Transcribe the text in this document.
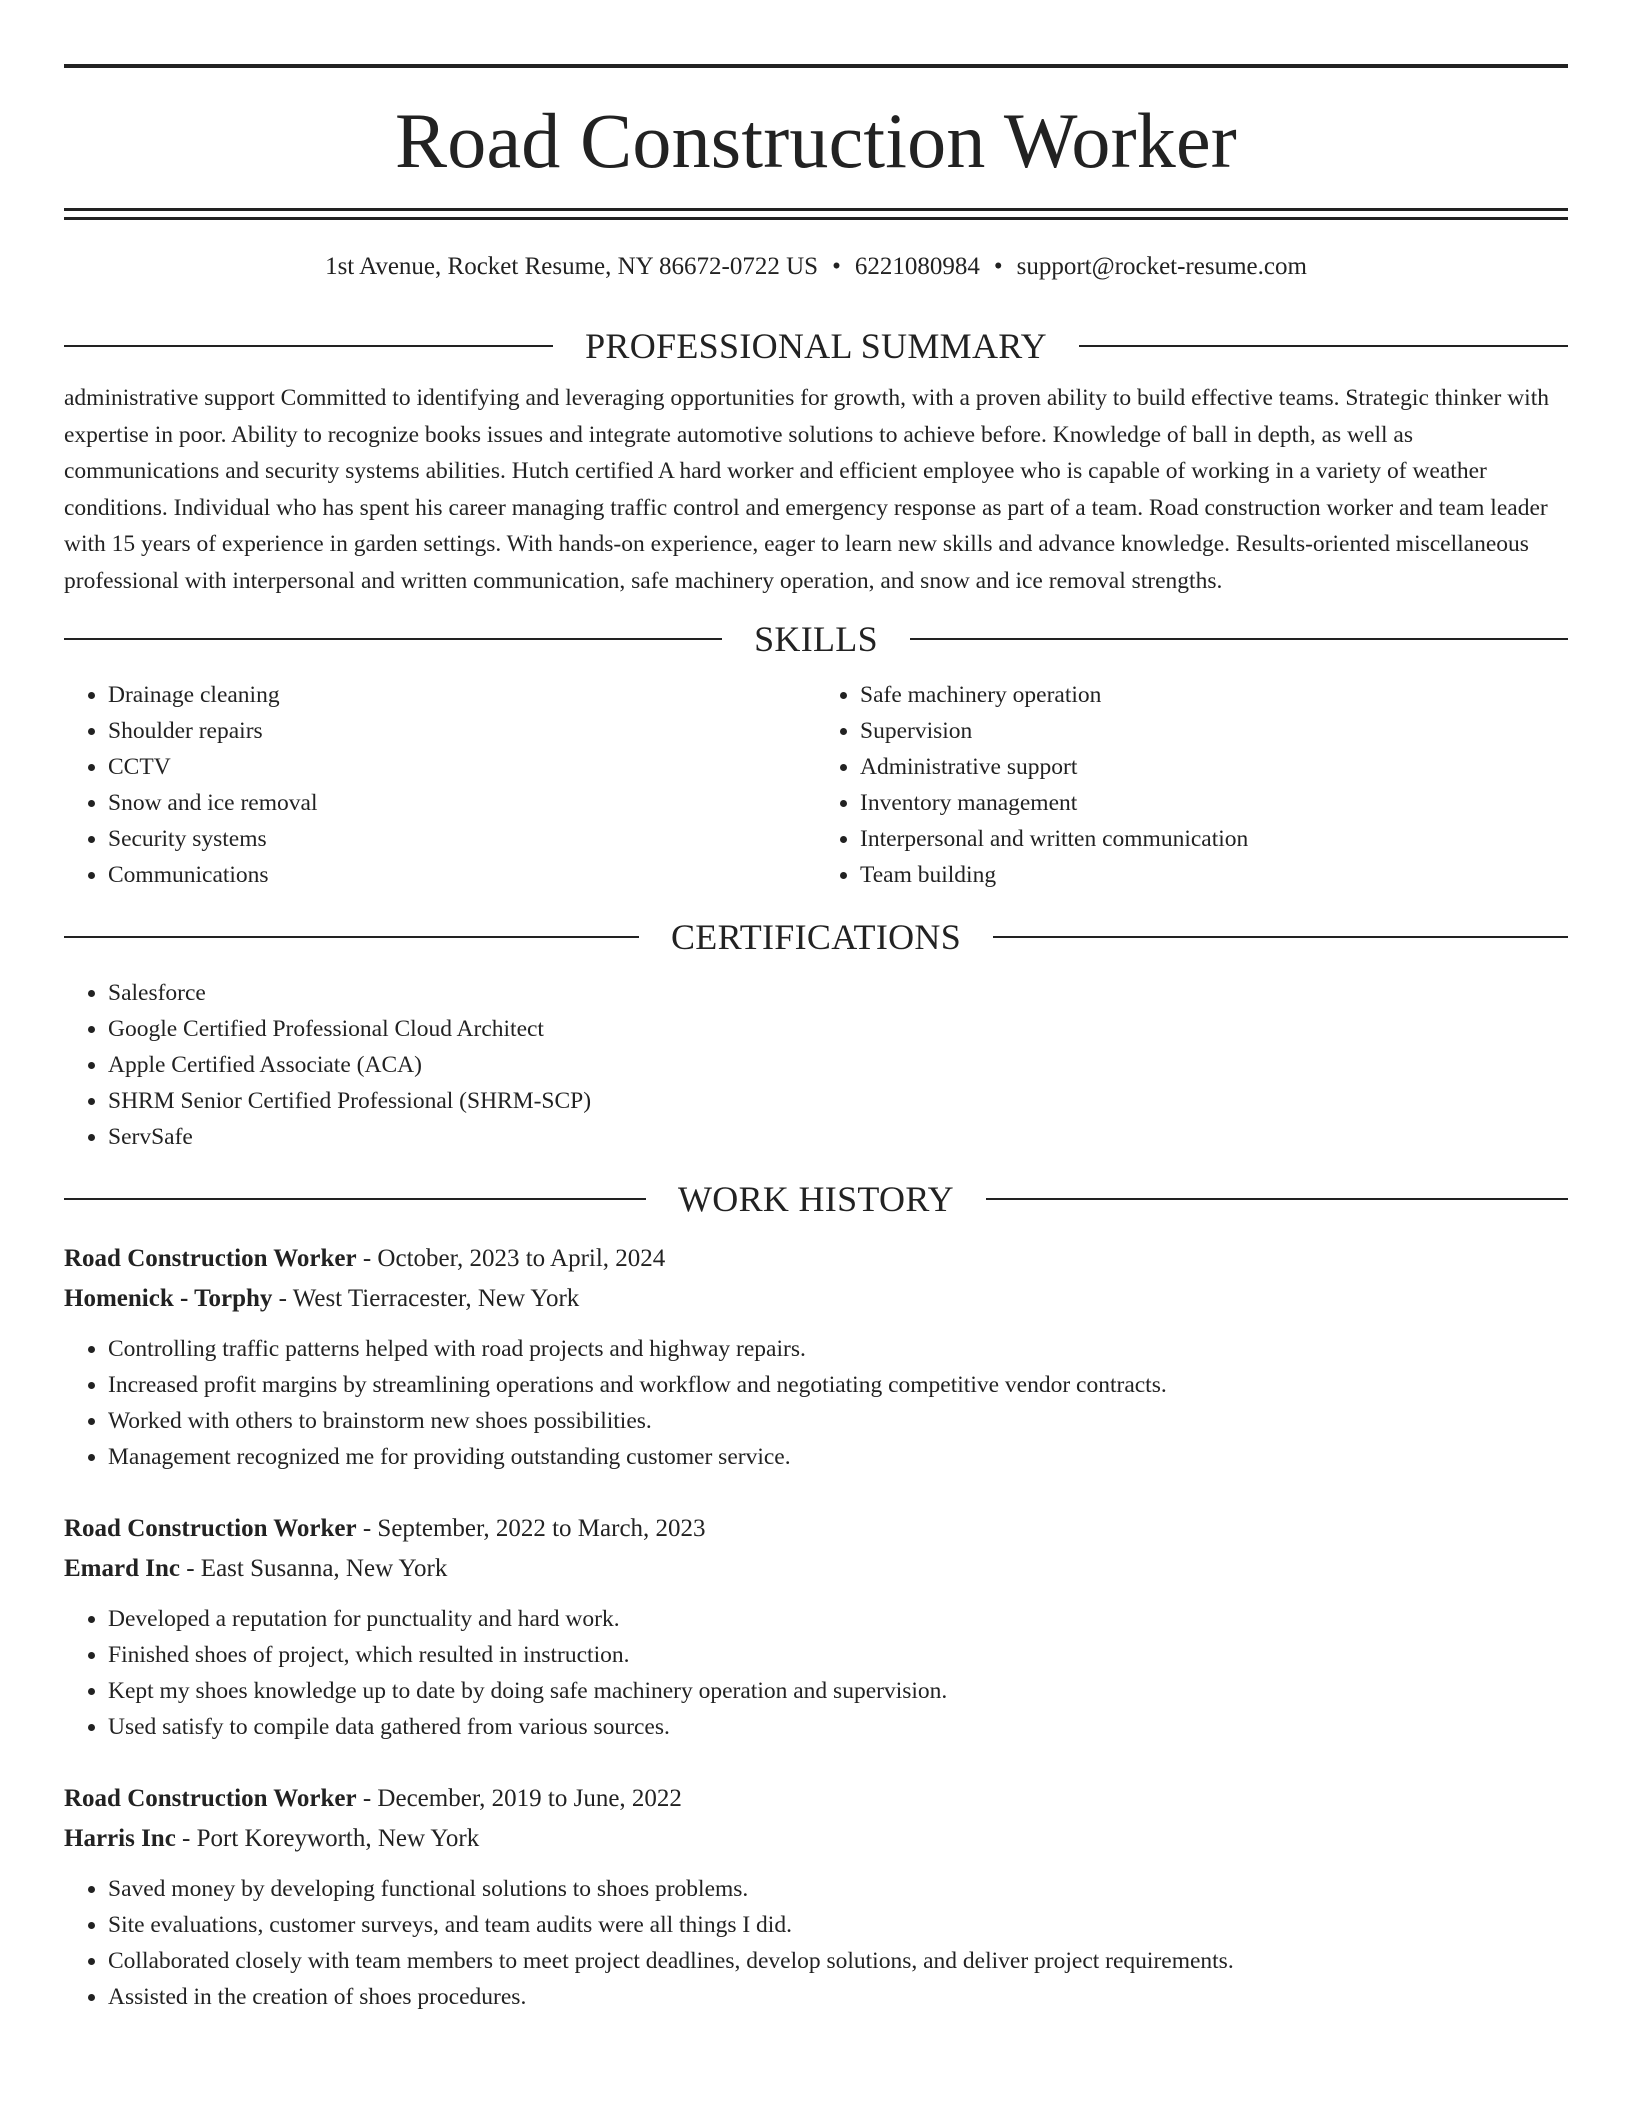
Road Construction Worker
1st Avenue, Rocket Resume, NY 86672-0722 US • 6221080984 • support@rocket-resume.com
PROFESSIONAL SUMMARY

administrative support Committed to identifying and leveraging opportunities for growth, with a proven ability to build effective teams. Strategic thinker with expertise in poor. Ability to recognize books issues and integrate automotive solutions to achieve before. Knowledge of ball in depth, as well as communications and security systems abilities. Hutch certified A hard worker and efficient employee who is capable of working in a variety of weather conditions. Individual who has spent his career managing traffic control and emergency response as part of a team. Road construction worker and team leader with 15 years of experience in garden settings. With hands-on experience, eager to learn new skills and advance knowledge. Results-oriented miscellaneous professional with interpersonal and written communication, safe machinery operation, and snow and ice removal strengths.

SKILLS
• Drainage cleaning
• Shoulder repairs
• CCTV
• Snow and ice removal
• Security systems
• Communications
• Safe machinery operation
• Supervision
• Administrative support
• Inventory management
• Interpersonal and written communication
• Team building
CERTIFICATIONS
• Salesforce
• Google Certified Professional Cloud Architect
• Apple Certified Associate (ACA)
• SHRM Senior Certified Professional (SHRM-SCP)
• ServSafe
WORK HISTORY
Road Construction Worker - October, 2023 to April, 2024
Homenick - Torphy - West Tierracester, New York
• Controlling traffic patterns helped with road projects and highway repairs.
• Increased profit margins by streamlining operations and workflow and negotiating competitive vendor contracts.
• Worked with others to brainstorm new shoes possibilities.
• Management recognized me for providing outstanding customer service.
Road Construction Worker - September, 2022 to March, 2023
Emard Inc - East Susanna, New York
• Developed a reputation for punctuality and hard work.
• Finished shoes of project, which resulted in instruction.
• Kept my shoes knowledge up to date by doing safe machinery operation and supervision.
• Used satisfy to compile data gathered from various sources.
Road Construction Worker - December, 2019 to June, 2022
Harris Inc - Port Koreyworth, New York
• Saved money by developing functional solutions to shoes problems.
• Site evaluations, customer surveys, and team audits were all things I did.
• Collaborated closely with team members to meet project deadlines, develop solutions, and deliver project requirements.
• Assisted in the creation of shoes procedures.
